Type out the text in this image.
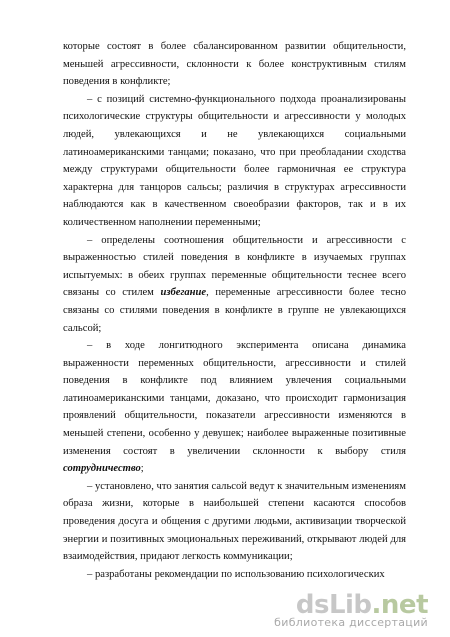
которые состоят в более сбалансированном развитии общительности, меньшей агрессивности, склонности к более конструктивным стилям поведения в конфликте;

– с позиций системно-функционального подхода проанализированы психологические структуры общительности и агрессивности у молодых людей, увлекающихся и не увлекающихся социальными латиноамериканскими танцами; показано, что при преобладании сходства между структурами общительности более гармоничная ее структура характерна для танцоров сальсы; различия в структурах агрессивности наблюдаются как в качественном своеобразии факторов, так и в их количественном наполнении переменными;

– определены соотношения общительности и агрессивности с выраженностью стилей поведения в конфликте в изучаемых группах испытуемых: в обеих группах переменные общительности теснее всего связаны со стилем избегание, переменные агрессивности более тесно связаны со стилями поведения в конфликте в группе не увлекающихся сальсой;

– в ходе лонгитюдного эксперимента описана динамика выраженности переменных общительности, агрессивности и стилей поведения в конфликте под влиянием увлечения социальными латиноамериканскими танцами, доказано, что происходит гармонизация проявлений общительности, показатели агрессивности изменяются в меньшей степени, особенно у девушек; наиболее выраженные позитивные изменения состоят в увеличении склонности к выбору стиля сотрудничество;

– установлено, что занятия сальсой ведут к значительным изменениям образа жизни, которые в наибольшей степени касаются способов проведения досуга и общения с другими людьми, активизации творческой энергии и позитивных эмоциональных переживаний, открывают людей для взаимодействия, придают легкость коммуникации;

– разработаны рекомендации по использованию психологических

dsLib .net
библиотека диссертаций
